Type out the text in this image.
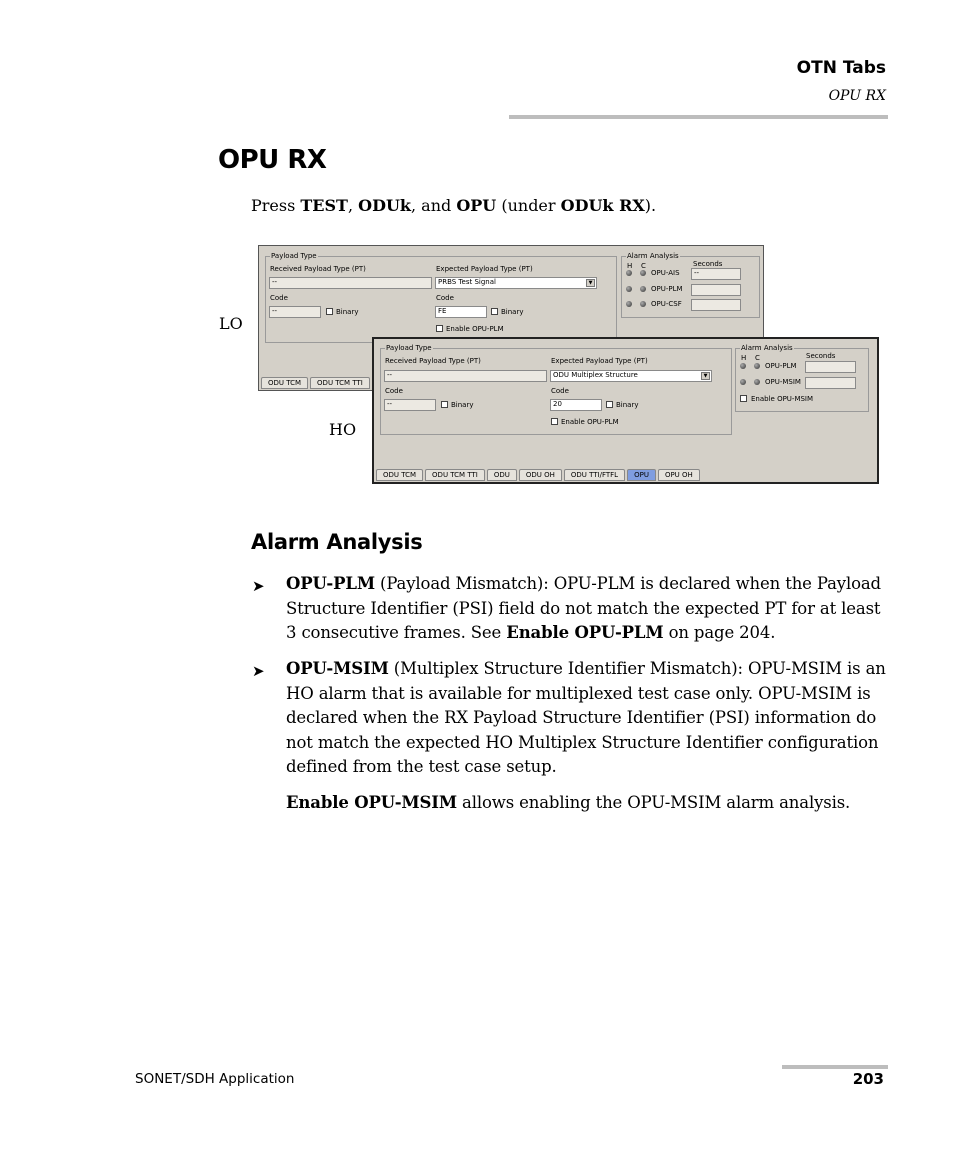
OTN Tabs
OPU RX
OPU RX

Press TEST, ODUk, and OPU (under ODUk RX).

LO
HO
Payload Type
Received Payload Type (PT)
--
Expected Payload Type (PT)
PRBS Test Signal	▼
Code
--	Binary
Code
FE	Binary
Enable OPU-PLM
Alarm Analysis
H C	Seconds
OPU-AIS	--
OPU-PLM
OPU-CSF
ODU TCM	ODU TCM TTI
Payload Type
Received Payload Type (PT)
--
Expected Payload Type (PT)
ODU Multiplex Structure	▼
Code
--	Binary
Code
20	Binary
Enable OPU-PLM
Alarm Analysis
H C	Seconds
OPU-PLM
OPU-MSIM
Enable OPU-MSIM
ODU TCM	ODU TCM TTI	ODU	ODU OH	ODU TTI/FTFL	OPU	OPU OH
Alarm Analysis
➤ OPU-PLM (Payload Mismatch): OPU-PLM is declared when the Payload Structure Identifier (PSI) field do not match the expected PT for at least 3 consecutive frames. See Enable OPU-PLM on page 204.

➤ OPU-MSIM (Multiplex Structure Identifier Mismatch): OPU-MSIM is an HO alarm that is available for multiplexed test case only. OPU-MSIM is declared when the RX Payload Structure Identifier (PSI) information do not match the expected HO Multiplex Structure Identifier configuration defined from the test case setup.

Enable OPU-MSIM allows enabling the OPU-MSIM alarm analysis.

SONET/SDH Application	203
